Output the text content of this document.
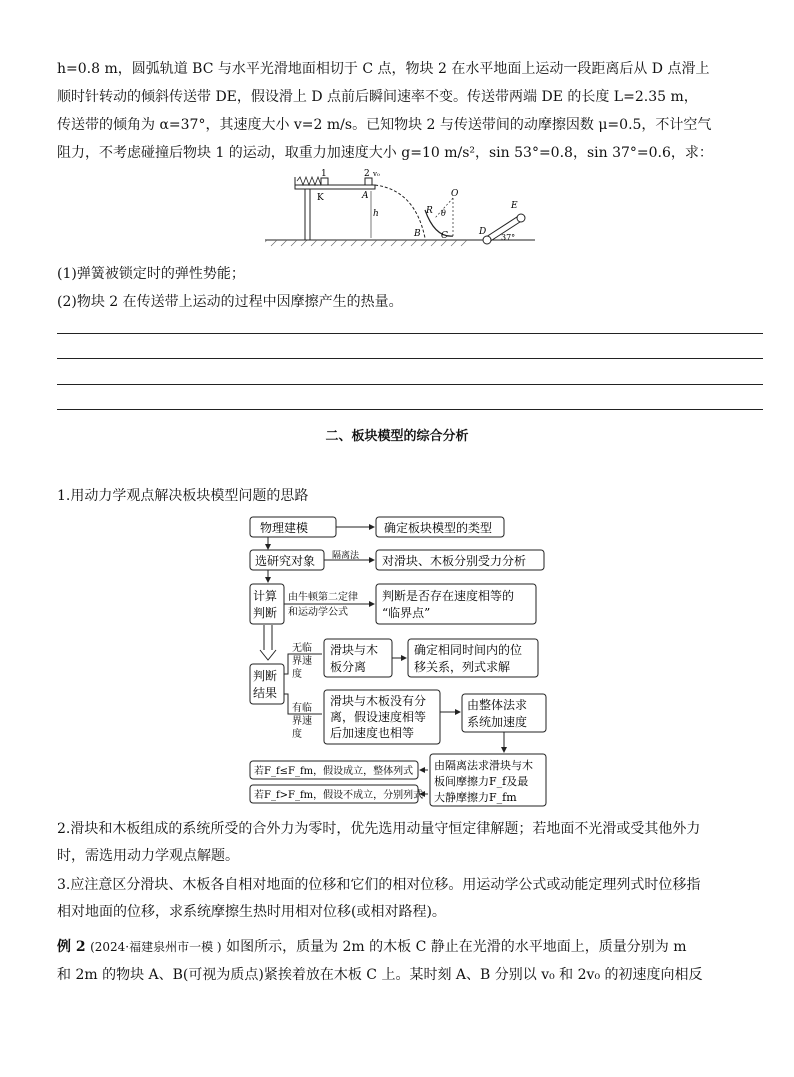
h=0.8 m，圆弧轨道 BC 与水平光滑地面相切于 C 点，物块 2 在水平地面上运动一段距离后从 D 点滑上
顺时针转动的倾斜传送带 DE，假设滑上 D 点前后瞬间速率不变。传送带两端 DE 的长度 L=2.35 m，
传送带的倾角为 α=37°，其速度大小 v=2 m/s。已知物块 2 与传送带间的动摩擦因数 μ=0.5，不计空气
阻力，不考虑碰撞后物块 1 的运动，取重力加速度大小 g=10 m/s²，sin 53°=0.8，sin 37°=0.6，求：
1	2 v₀
K	A
h
B C
R
O
θ
D
E
37°
(1)弹簧被锁定时的弹性势能；
(2)物块 2 在传送带上运动的过程中因摩擦产生的热量。
二、板块模型的综合分析
1.用动力学观点解决板块模型问题的思路
物理建模	确定板块模型的类型
选研究对象 隔离法 对滑块、木板分别受力分析
计算
判断
由牛顿第二定律
和运动学公式
判断是否存在速度相等的
“临界点”
判断
结果
无临
界速
度
滑块与木
板分离
确定相同时间内的位
移关系，列式求解
有临
界速
度
滑块与木板没有分
离，假设速度相等
后加速度也相等
由整体法求
系统加速度
由隔离法求滑块与木
板间摩擦力F_f及最
大静摩擦力F_fm
若F_f≤F_fm，假设成立，整体列式
若F_f>F_fm，假设不成立，分别列式
2.滑块和木板组成的系统所受的合外力为零时，优先选用动量守恒定律解题；若地面不光滑或受其他外力
时，需选用动力学观点解题。
3.应注意区分滑块、木板各自相对地面的位移和它们的相对位移。用运动学公式或动能定理列式时位移指
相对地面的位移，求系统摩擦生热时用相对位移(或相对路程)。
例 2 (2024·福建泉州市一模 ) 如图所示，质量为 2m 的木板 C 静止在光滑的水平地面上，质量分别为 m
和 2m 的物块 A、B(可视为质点)紧挨着放在木板 C 上。某时刻 A、B 分别以 v₀ 和 2v₀ 的初速度向相反
